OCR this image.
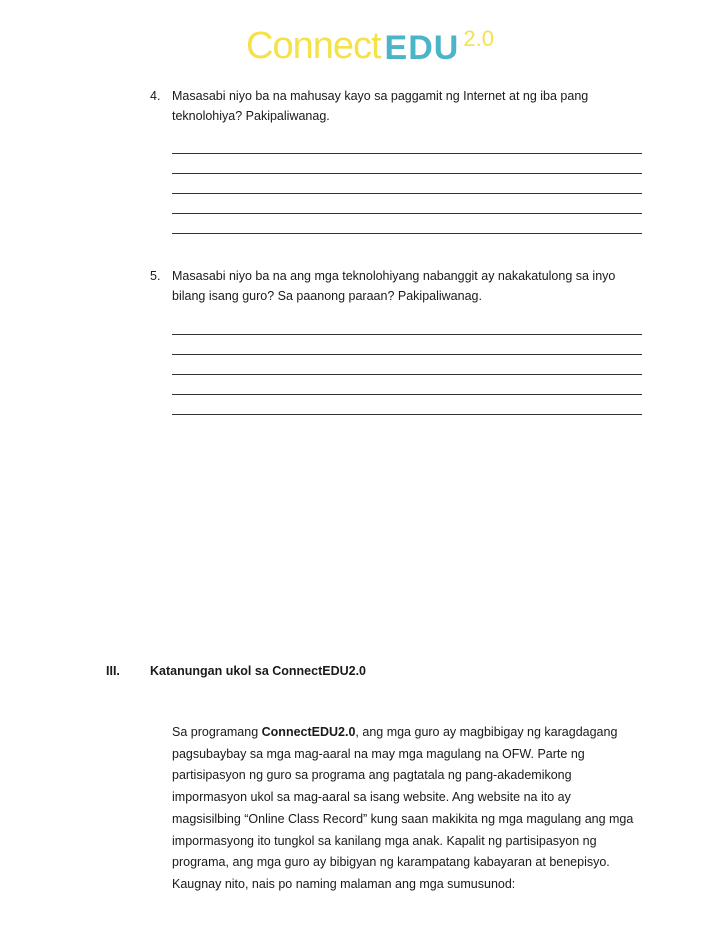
Connect EDU 2.0
4. Masasabi niyo ba na mahusay kayo sa paggamit ng Internet at ng iba pang teknolohiya? Pakipaliwanag.
5. Masasabi niyo ba na ang mga teknolohiyang nabanggit ay nakakatulong sa inyo bilang isang guro? Sa paanong paraan? Pakipaliwanag.
III. Katanungan ukol sa ConnectEDU2.0
Sa programang ConnectEDU2.0, ang mga guro ay magbibigay ng karagdagang pagsubaybay sa mga mag-aaral na may mga magulang na OFW. Parte ng partisipasyon ng guro sa programa ang pagtatala ng pang-akademikong impormasyon ukol sa mag-aaral sa isang website. Ang website na ito ay magsisilbing “Online Class Record” kung saan makikita ng mga magulang ang mga impormasyong ito tungkol sa kanilang mga anak. Kapalit ng partisipasyon ng programa, ang mga guro ay bibigyan ng karampatang kabayaran at benepisyo. Kaugnay nito, nais po naming malaman ang mga sumusunod:
